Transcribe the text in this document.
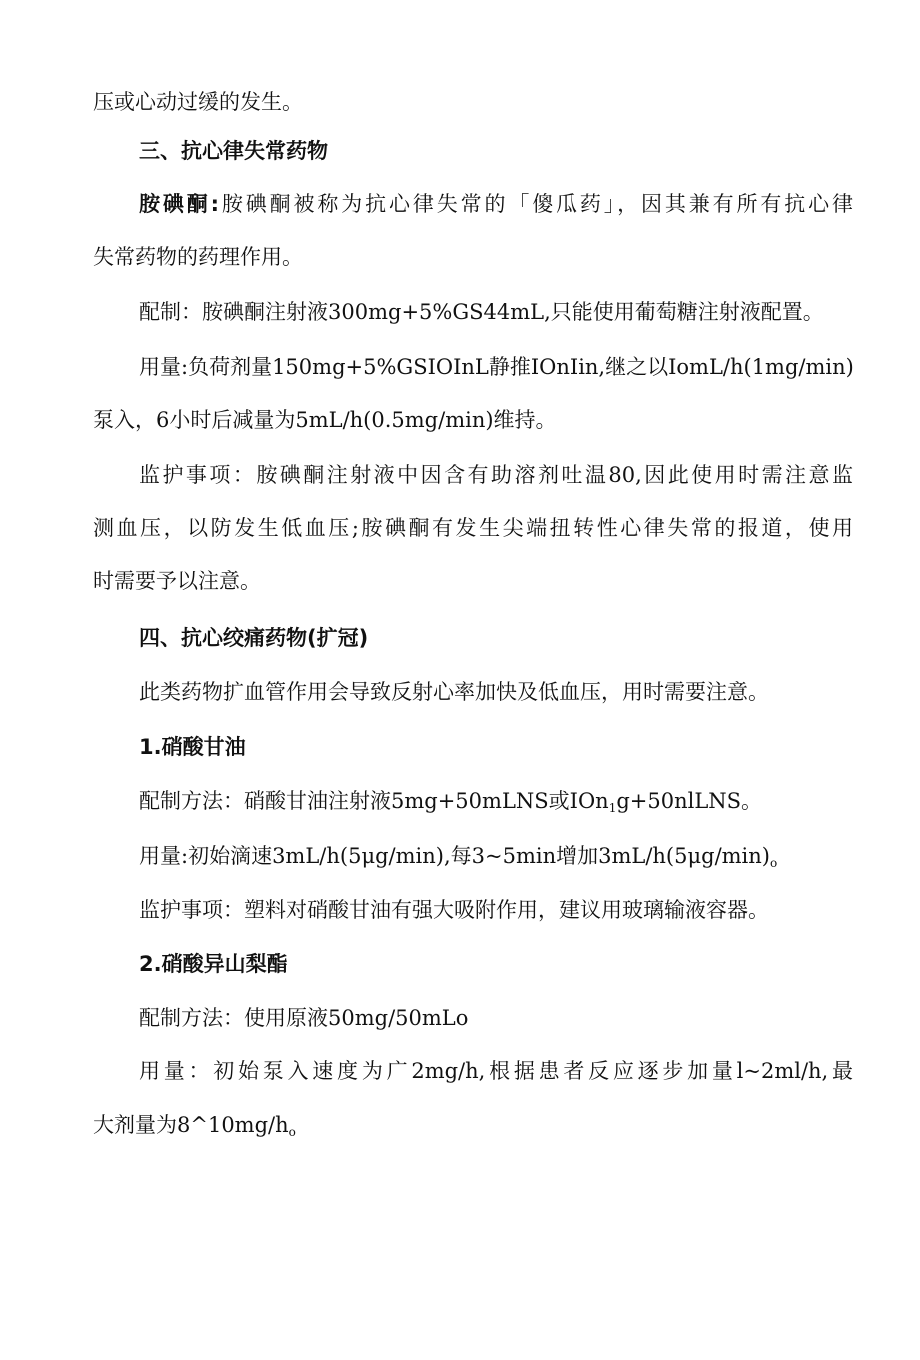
压或心动过缓的发生。
三、抗心律失常药物
胺碘酮:胺碘酮被称为抗心律失常的「傻瓜药」，因其兼有所有抗心律
失常药物的药理作用。
配制：胺碘酮注射液300mg+5%GS44mL,只能使用葡萄糖注射液配置。
用量:负荷剂量150mg+5%GSIOInL静推IOnIin,继之以IomL/h(1mg/min)
泵入，6小时后减量为5mL/h(0.5mg/min)维持。
监护事项：胺碘酮注射液中因含有助溶剂吐温80,因此使用时需注意监
测血压，以防发生低血压;胺碘酮有发生尖端扭转性心律失常的报道，使用
时需要予以注意。
四、抗心绞痛药物(扩冠)
此类药物扩血管作用会导致反射心率加快及低血压，用时需要注意。
1.硝酸甘油
配制方法：硝酸甘油注射液5mg+50mLNS或IOn$_1$g+50nlLNS。
用量:初始滴速3mL/h(5μg/min),每3~5min增加$3mL/h(5\mu g/\min)_o$
监护事项：塑料对硝酸甘油有强大吸附作用，建议用玻璃输液容器。
2.硝酸异山梨酯
配制方法：使用原液50mg/50mLo
用量：初始泵入速度为广2mg/h,根据患者反应逐步加量l~2ml/h,最
大剂量为$8\^{}10mg/h_o$
